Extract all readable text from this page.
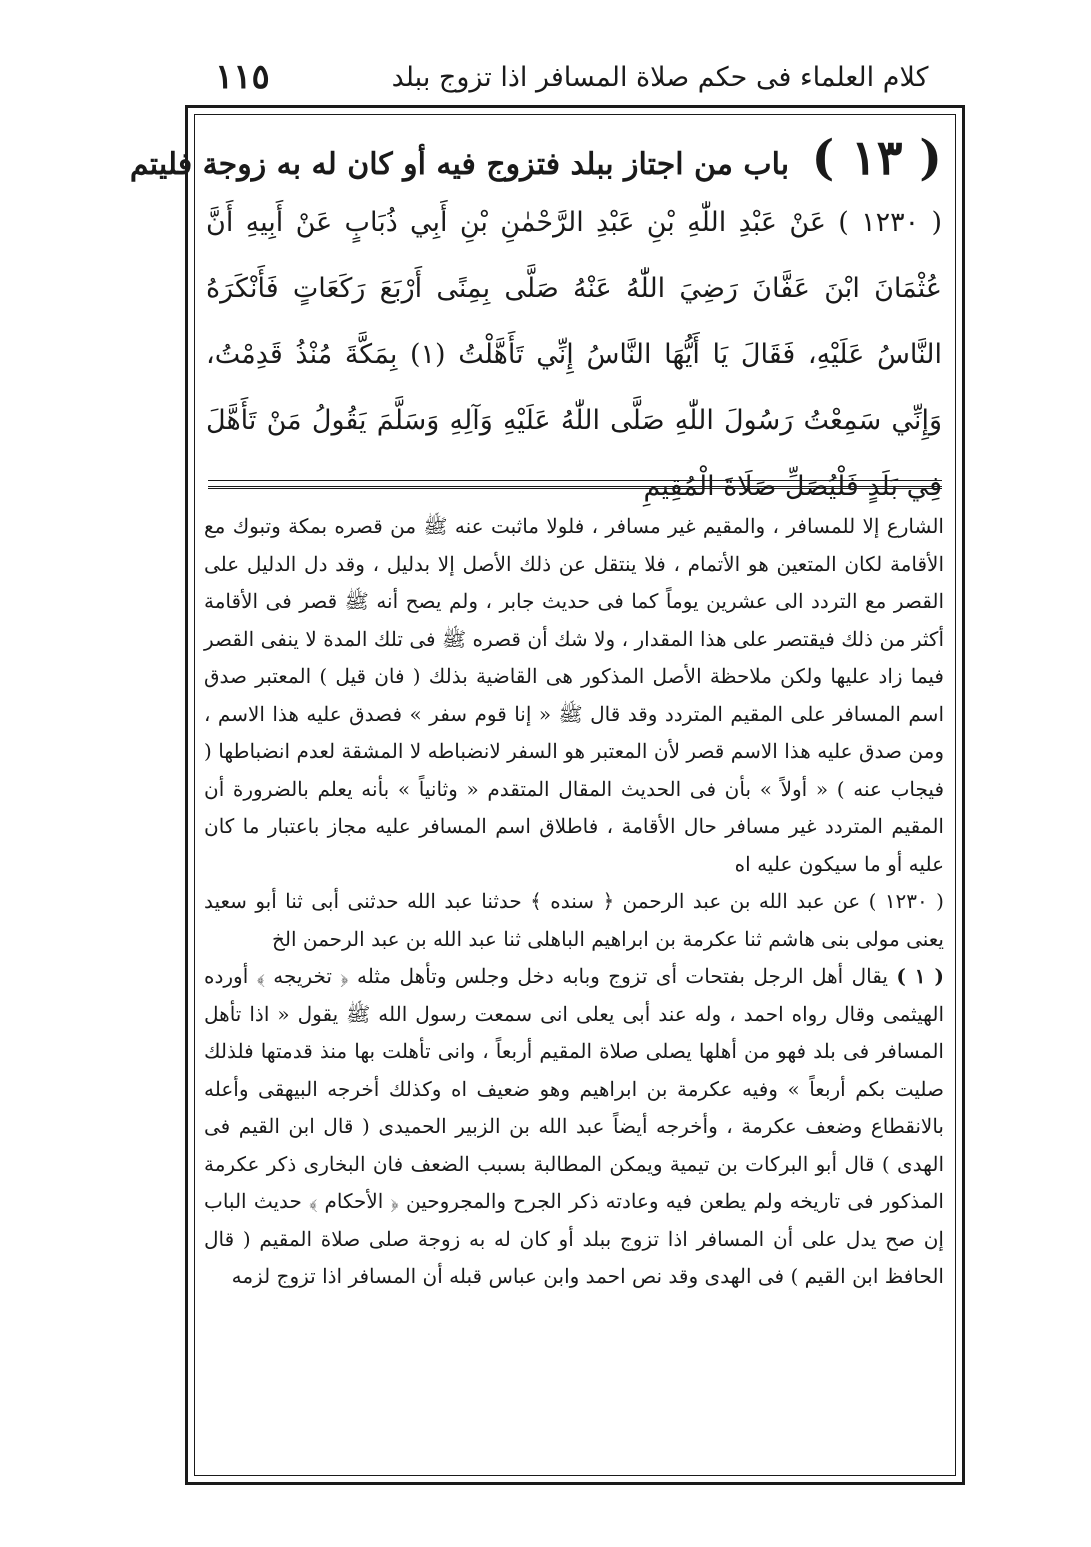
كلام العلماء فى حكم صلاة المسافر اذا تزوج ببلد
١١٥
( ١٣ ) باب من اجتاز ببلد فتزوج فيه أو كان له به زوجة فليتم
( ١٢٣٠ ) عَنْ عَبْدِ اللّٰهِ بْنِ عَبْدِ الرَّحْمٰنِ بْنِ أَبِي ذُبَابٍ عَنْ أَبِيهِ أَنَّ عُثْمَانَ ابْنَ عَفَّانَ رَضِيَ اللّٰهُ عَنْهُ صَلَّى بِمِنًى أَرْبَعَ رَكَعَاتٍ فَأَنْكَرَهُ النَّاسُ عَلَيْهِ، فَقَالَ يَا أَيُّهَا النَّاسُ إِنِّي تَأَهَّلْتُ (١) بِمَكَّةَ مُنْذُ قَدِمْتُ، وَإِنِّي سَمِعْتُ رَسُولَ اللّٰهِ صَلَّى اللّٰهُ عَلَيْهِ وَآلِهِ وَسَلَّمَ يَقُولُ مَنْ تَأَهَّلَ فِي بَلَدٍ فَلْيُصَلِّ صَلَاةَ الْمُقِيمِ

الشارع إلا للمسافر ، والمقيم غير مسافر ، فلولا ماثبت عنه ﷺ من قصره بمكة وتبوك مع الأقامة لكان المتعين هو الأتمام ، فلا ينتقل عن ذلك الأصل إلا بدليل ، وقد دل الدليل على القصر مع التردد الى عشرين يوماً كما فى حديث جابر ، ولم يصح أنه ﷺ قصر فى الأقامة أكثر من ذلك فيقتصر على هذا المقدار ، ولا شك أن قصره ﷺ فى تلك المدة لا ينفى القصر فيما زاد عليها ولكن ملاحظة الأصل المذكور هى القاضية بذلك ( فان قيل ) المعتبر صدق اسم المسافر على المقيم المتردد وقد قال ﷺ « إنا قوم سفر » فصدق عليه هذا الاسم ، ومن صدق عليه هذا الاسم قصر لأن المعتبر هو السفر لانضباطه لا المشقة لعدم انضباطها ( فيجاب عنه ) « أولاً » بأن فى الحديث المقال المتقدم « وثانياً » بأنه يعلم بالضرورة أن المقيم المتردد غير مسافر حال الأقامة ، فاطلاق اسم المسافر عليه مجاز باعتبار ما كان عليه أو ما سيكون عليه اه

( ١٢٣٠ ) عن عبد الله بن عبد الرحمن ﴿ سنده ﴾ حدثنا عبد الله حدثنى أبى ثنا أبو سعيد يعنى مولى بنى هاشم ثنا عكرمة بن ابراهيم الباهلى ثنا عبد الله بن عبد الرحمن الخ

( ١ ) يقال أهل الرجل بفتحات أى تزوج وبابه دخل وجلس وتأهل مثله ﴿ تخريجه ﴾ أورده الهيثمى وقال رواه احمد ، وله عند أبى يعلى انى سمعت رسول الله ﷺ يقول « اذا تأهل المسافر فى بلد فهو من أهلها يصلى صلاة المقيم أربعاً ، وانى تأهلت بها منذ قدمتها فلذلك صليت بكم أربعاً » وفيه عكرمة بن ابراهيم وهو ضعيف اه وكذلك أخرجه البيهقى وأعله بالانقطاع وضعف عكرمة ، وأخرجه أيضاً عبد الله بن الزبير الحميدى ( قال ابن القيم فى الهدى ) قال أبو البركات بن تيمية ويمكن المطالبة بسبب الضعف فان البخارى ذكر عكرمة المذكور فى تاريخه ولم يطعن فيه وعادته ذكر الجرح والمجروحين ﴿ الأحكام ﴾ حديث الباب إن صح يدل على أن المسافر اذا تزوج ببلد أو كان له به زوجة صلى صلاة المقيم ( قال الحافظ ابن القيم ) فى الهدى وقد نص احمد وابن عباس قبله أن المسافر اذا تزوج لزمه
